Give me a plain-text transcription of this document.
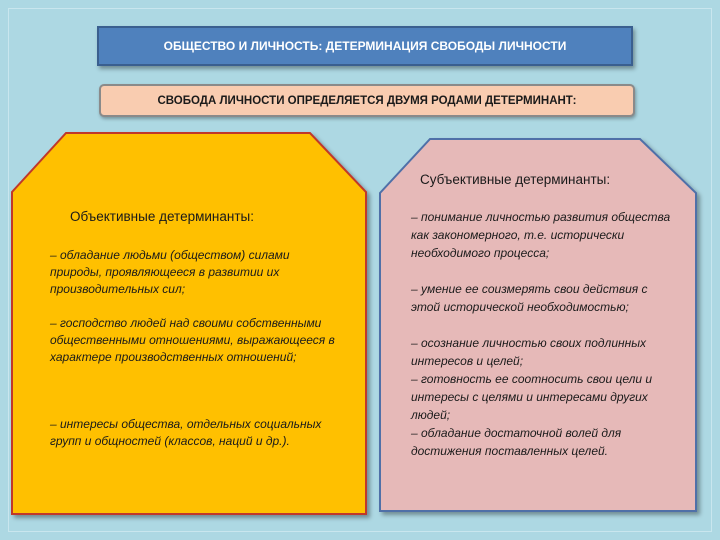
ОБЩЕСТВО И ЛИЧНОСТЬ: ДЕТЕРМИНАЦИЯ СВОБОДЫ ЛИЧНОСТИ
СВОБОДА ЛИЧНОСТИ ОПРЕДЕЛЯЕТСЯ ДВУМЯ РОДАМИ ДЕТЕРМИНАНТ:
Объективные детерминанты:
– обладание людьми (обществом) силами природы, проявляющееся в развитии их производительных сил;
– господство людей над своими собственными общественными отношениями, выражающееся в характере производственных отношений;
– интересы общества, отдельных социальных групп и общностей (классов, наций и др.).
Субъективные детерминанты:
– понимание личностью развития общества как закономерного, т.е. исторически необходимого процесса;
– умение ее соизмерять свои действия с этой исторической необходимостью;
– осознание личностью своих подлинных интересов и целей;
– готовность ее соотносить свои цели и интересы с целями и интересами других людей;
– обладание достаточной волей для достижения поставленных целей.
